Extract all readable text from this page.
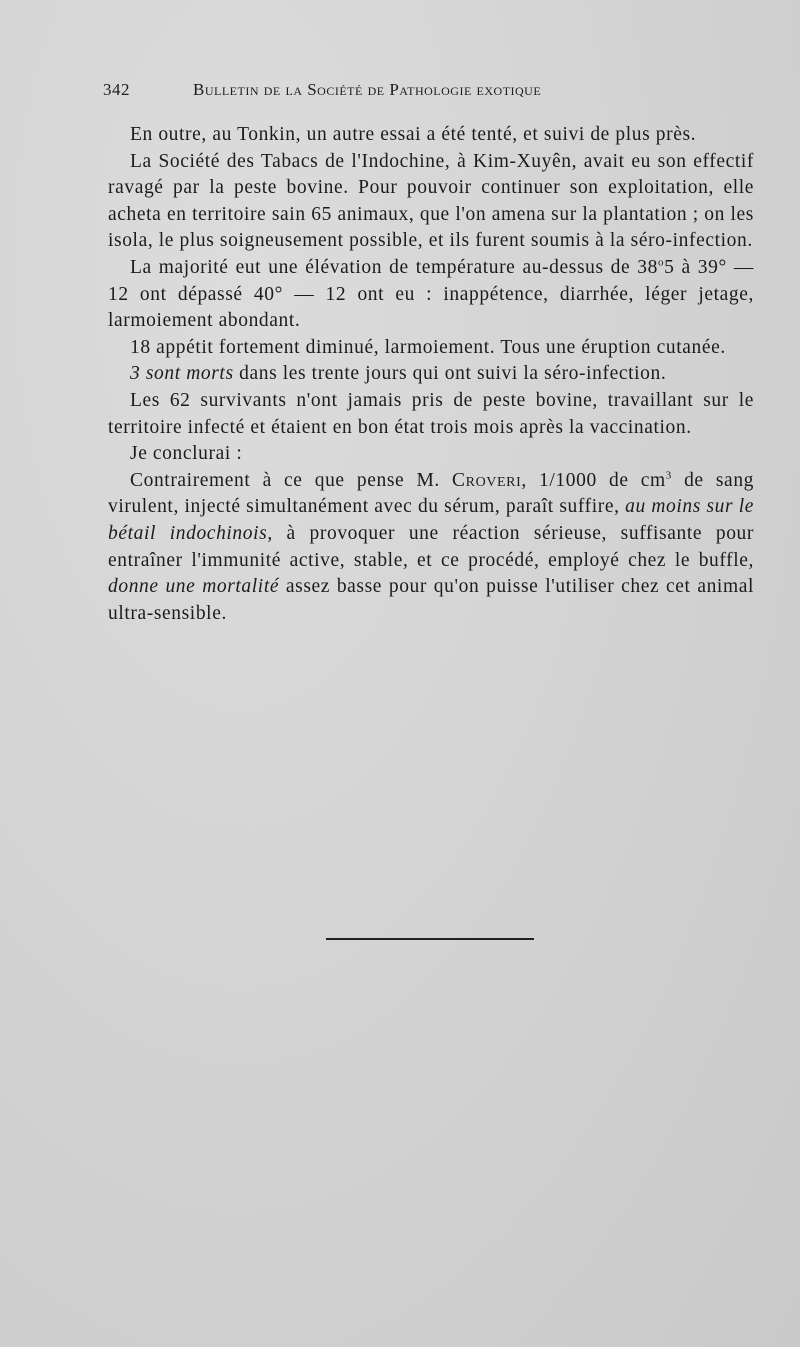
342	Bulletin de la Société de Pathologie exotique

En outre, au Tonkin, un autre essai a été tenté, et suivi de plus près.

La Société des Tabacs de l'Indochine, à Kim-Xuyên, avait eu son effectif ravagé par la peste bovine. Pour pouvoir continuer son exploitation, elle acheta en territoire sain 65 animaux, que l'on amena sur la plantation ; on les isola, le plus soigneusement possible, et ils furent soumis à la séro-infection.

La majorité eut une élévation de température au-dessus de 38$^o$5 à 39° — 12 ont dépassé 40° — 12 ont eu : inappétence, diarrhée, léger jetage, larmoiement abondant.

18 appétit fortement diminué, larmoiement. Tous une éruption cutanée.

3 sont morts dans les trente jours qui ont suivi la séro-infection.

Les 62 survivants n'ont jamais pris de peste bovine, travaillant sur le territoire infecté et étaient en bon état trois mois après la vaccination.

Je conclurai :

Contrairement à ce que pense M. Croveri, 1/1000 de $cm^3$ de sang virulent, injecté simultanément avec du sérum, paraît suffire, au moins sur le bétail indochinois, à provoquer une réaction sérieuse, suffisante pour entraîner l'immunité active, stable, et ce procédé, employé chez le buffle, donne une mortalité assez basse pour qu'on puisse l'utiliser chez cet animal ultra-sensible.
